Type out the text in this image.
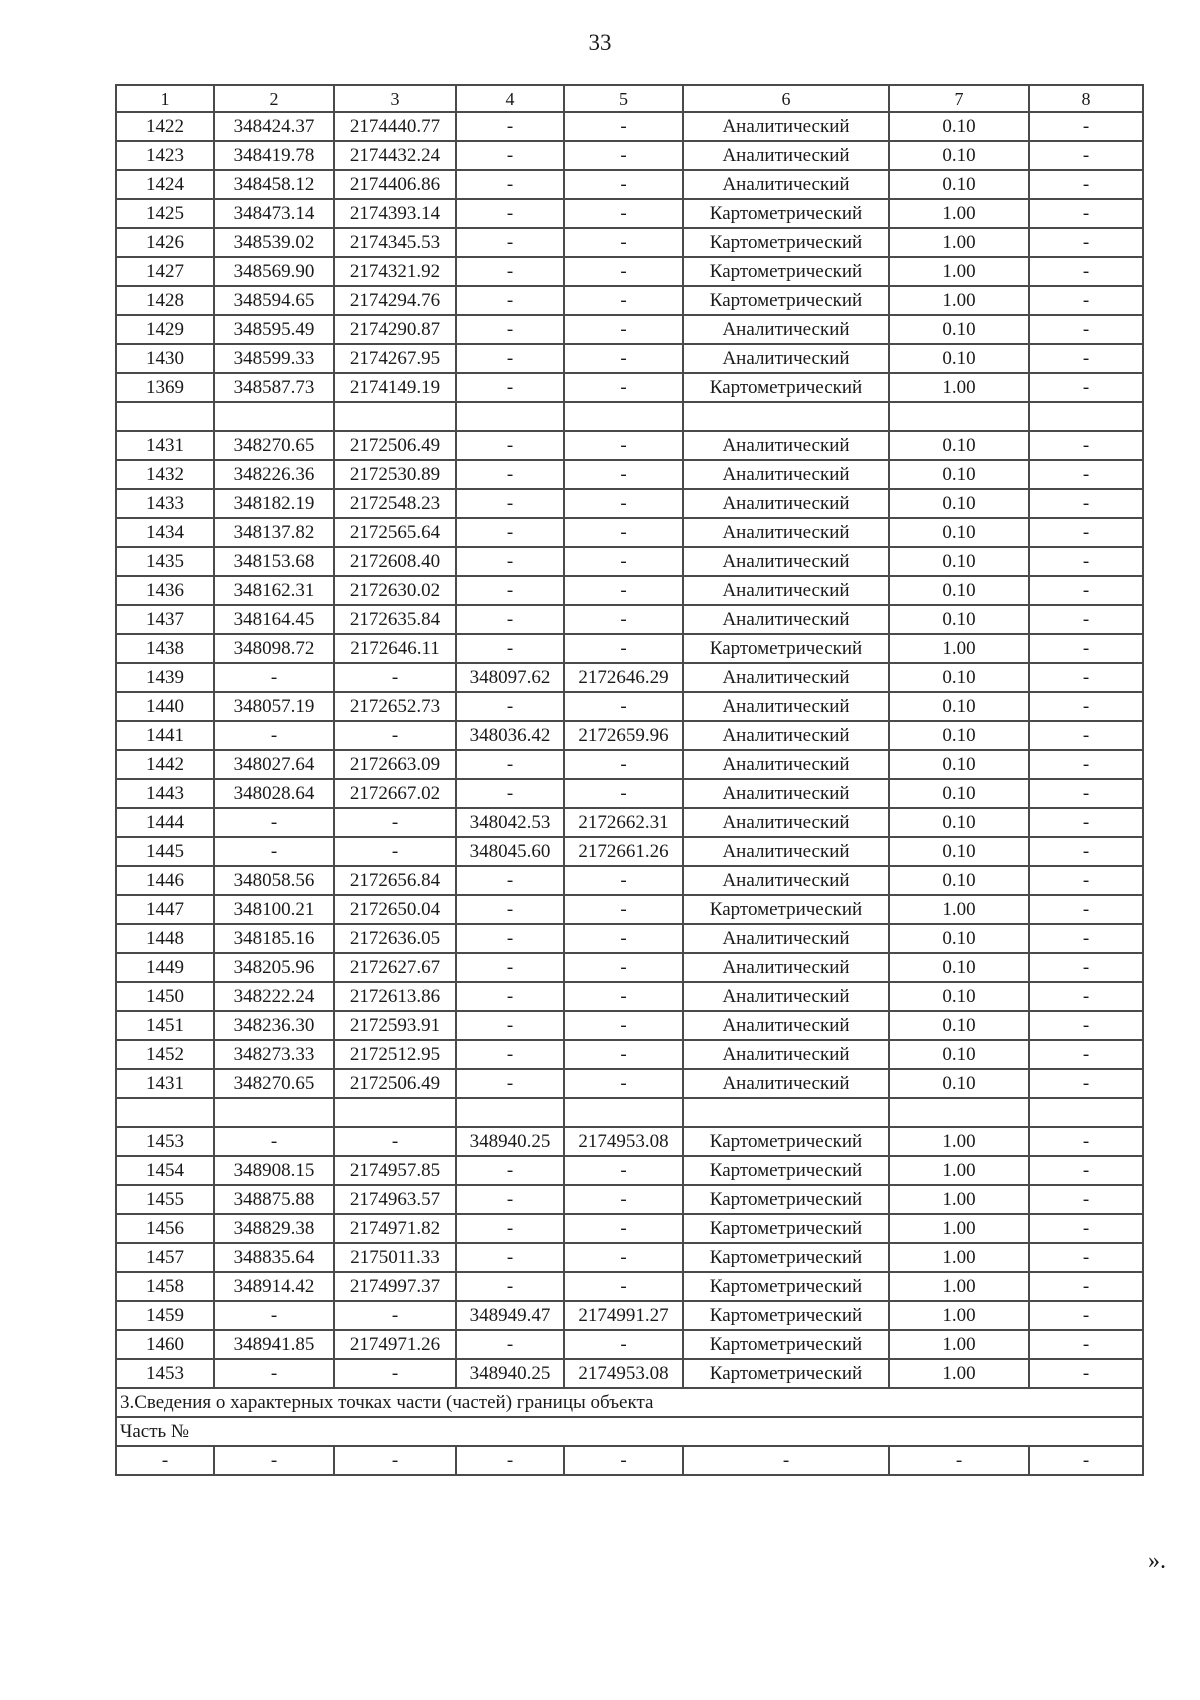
33
1	2	3	4	5	6	7	8
1422	348424.37	2174440.77	-	-	Аналитический	0.10	-
1423	348419.78	2174432.24	-	-	Аналитический	0.10	-
1424	348458.12	2174406.86	-	-	Аналитический	0.10	-
1425	348473.14	2174393.14	-	-	Картометрический	1.00	-
1426	348539.02	2174345.53	-	-	Картометрический	1.00	-
1427	348569.90	2174321.92	-	-	Картометрический	1.00	-
1428	348594.65	2174294.76	-	-	Картометрический	1.00	-
1429	348595.49	2174290.87	-	-	Аналитический	0.10	-
1430	348599.33	2174267.95	-	-	Аналитический	0.10	-
1369	348587.73	2174149.19	-	-	Картометрический	1.00	-

1431	348270.65	2172506.49	-	-	Аналитический	0.10	-
1432	348226.36	2172530.89	-	-	Аналитический	0.10	-
1433	348182.19	2172548.23	-	-	Аналитический	0.10	-
1434	348137.82	2172565.64	-	-	Аналитический	0.10	-
1435	348153.68	2172608.40	-	-	Аналитический	0.10	-
1436	348162.31	2172630.02	-	-	Аналитический	0.10	-
1437	348164.45	2172635.84	-	-	Аналитический	0.10	-
1438	348098.72	2172646.11	-	-	Картометрический	1.00	-
1439	-	-	348097.62	2172646.29	Аналитический	0.10	-
1440	348057.19	2172652.73	-	-	Аналитический	0.10	-
1441	-	-	348036.42	2172659.96	Аналитический	0.10	-
1442	348027.64	2172663.09	-	-	Аналитический	0.10	-
1443	348028.64	2172667.02	-	-	Аналитический	0.10	-
1444	-	-	348042.53	2172662.31	Аналитический	0.10	-
1445	-	-	348045.60	2172661.26	Аналитический	0.10	-
1446	348058.56	2172656.84	-	-	Аналитический	0.10	-
1447	348100.21	2172650.04	-	-	Картометрический	1.00	-
1448	348185.16	2172636.05	-	-	Аналитический	0.10	-
1449	348205.96	2172627.67	-	-	Аналитический	0.10	-
1450	348222.24	2172613.86	-	-	Аналитический	0.10	-
1451	348236.30	2172593.91	-	-	Аналитический	0.10	-
1452	348273.33	2172512.95	-	-	Аналитический	0.10	-
1431	348270.65	2172506.49	-	-	Аналитический	0.10	-

1453	-	-	348940.25	2174953.08	Картометрический	1.00	-
1454	348908.15	2174957.85	-	-	Картометрический	1.00	-
1455	348875.88	2174963.57	-	-	Картометрический	1.00	-
1456	348829.38	2174971.82	-	-	Картометрический	1.00	-
1457	348835.64	2175011.33	-	-	Картометрический	1.00	-
1458	348914.42	2174997.37	-	-	Картометрический	1.00	-
1459	-	-	348949.47	2174991.27	Картометрический	1.00	-
1460	348941.85	2174971.26	-	-	Картометрический	1.00	-
1453	-	-	348940.25	2174953.08	Картометрический	1.00	-
3.Сведения о характерных точках части (частей) границы объекта							
Часть №							
-	-	-	-	-	-	-	-
».
